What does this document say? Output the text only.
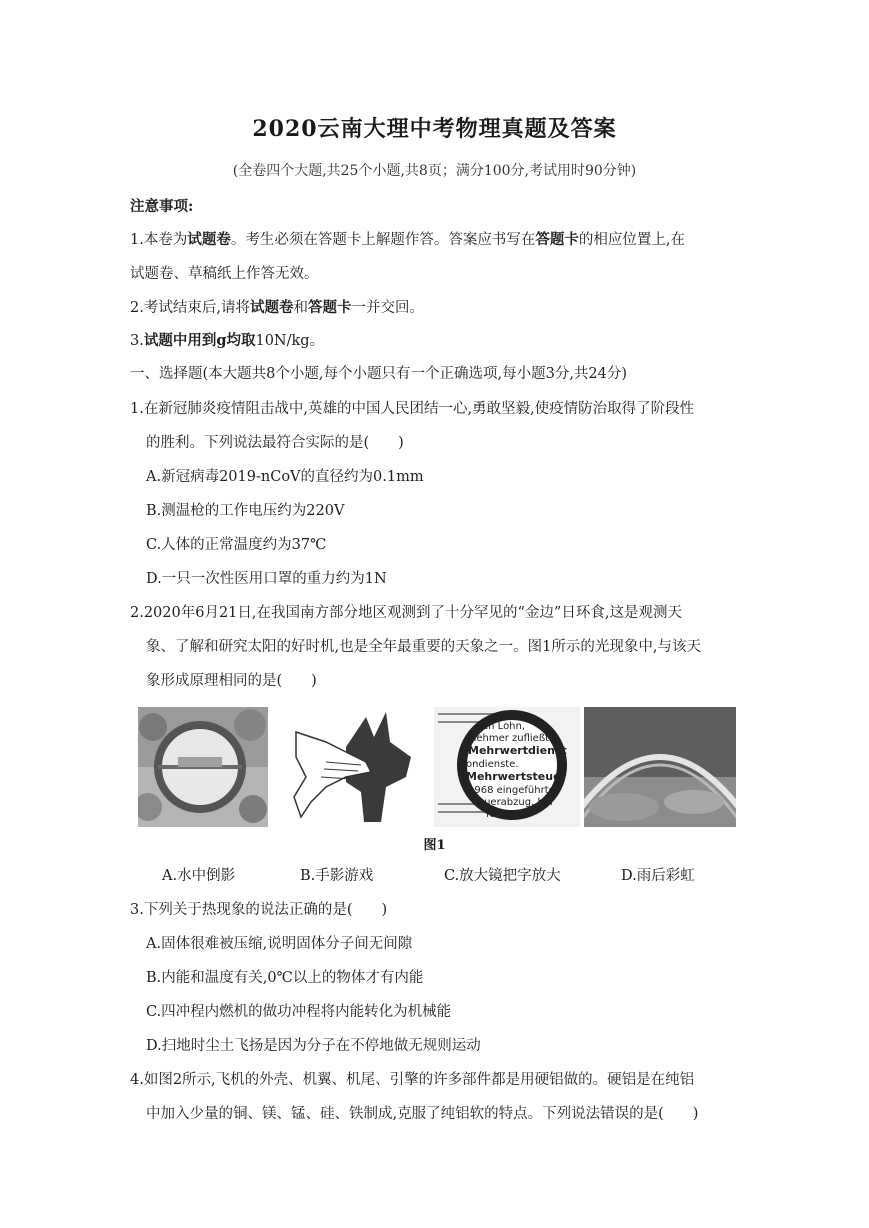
2020云南大理中考物理真题及答案
(全卷四个大题,共25个小题,共8页；满分100分,考试用时90分钟)
注意事项:
1.本卷为试题卷。考生必须在答题卡上解题作答。答案应书写在答题卡的相应位置上,在
试题卷、草稿纸上作答无效。
2.考试结束后,请将试题卷和答题卡一并交回。
3.试题中用到g均取10N/kg。
一、选择题(本大题共8个小题,每个小题只有一个正确选项,每小题3分,共24分)
1.在新冠肺炎疫情阻击战中,英雄的中国人民团结一心,勇敢坚毅,使疫情防治取得了阶段性
的胜利。下列说法最符合实际的是(　　)
A.新冠病毒2019-nCoV的直径约为0.1mm
B.测温枪的工作电压约为220V
C.人体的正常温度约为37℃
D.一只一次性医用口罩的重力约为1N
2.2020年6月21日,在我国南方部分地区观测到了十分罕见的“金边”日环食,这是观测天
象、了解和研究太阳的好时机,也是全年最重要的天象之一。图1所示的光现象中,与该天
象形成原理相同的是(　　)
en Lohn,
nehmer zufließt.
Mehrwertdienst
ondienste.
Mehrwertsteuer
1968 eingeführte
teuerabzug, bei
fung de
图1
A.水中倒影	B.手影游戏	C.放大镜把字放大	D.雨后彩虹
3.下列关于热现象的说法正确的是(　　)
A.固体很难被压缩,说明固体分子间无间隙
B.内能和温度有关,0℃以上的物体才有内能
C.四冲程内燃机的做功冲程将内能转化为机械能
D.扫地时尘土飞扬是因为分子在不停地做无规则运动
4.如图2所示,飞机的外壳、机翼、机尾、引擎的许多部件都是用硬铝做的。硬铝是在纯铝
中加入少量的铜、镁、锰、硅、铁制成,克服了纯铝软的特点。下列说法错误的是(　　)
